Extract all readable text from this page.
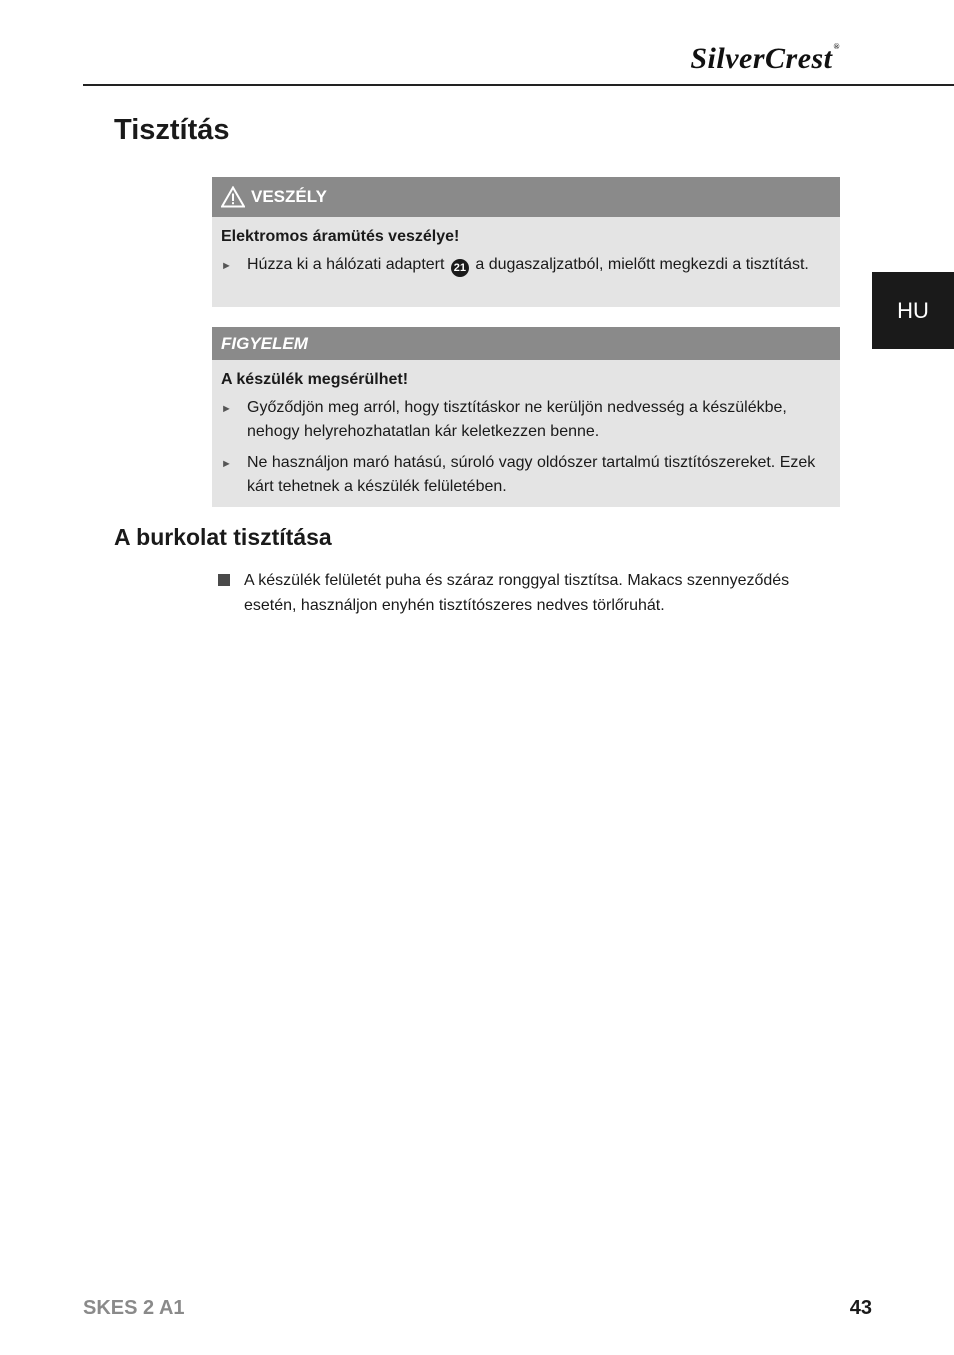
SilverCrest®
Tisztítás
HU
VESZÉLY
Elektromos áramütés veszélye!
► Húzza ki a hálózati adaptert 21 a dugaszaljzatból, mielőtt megkezdi a tisztítást.
FIGYELEM
A készülék megsérülhet!
► Győződjön meg arról, hogy tisztításkor ne kerüljön nedvesség a készülékbe, nehogy helyrehozhatatlan kár keletkezzen benne.
► Ne használjon maró hatású, súroló vagy oldószer tartalmú tisztítószereket. Ezek kárt tehetnek a készülék felületében.
A burkolat tisztítása
A készülék felületét puha és száraz ronggyal tisztítsa. Makacs szennyeződés esetén, használjon enyhén tisztítószeres nedves törlőruhát.
SKES 2 A1	43
